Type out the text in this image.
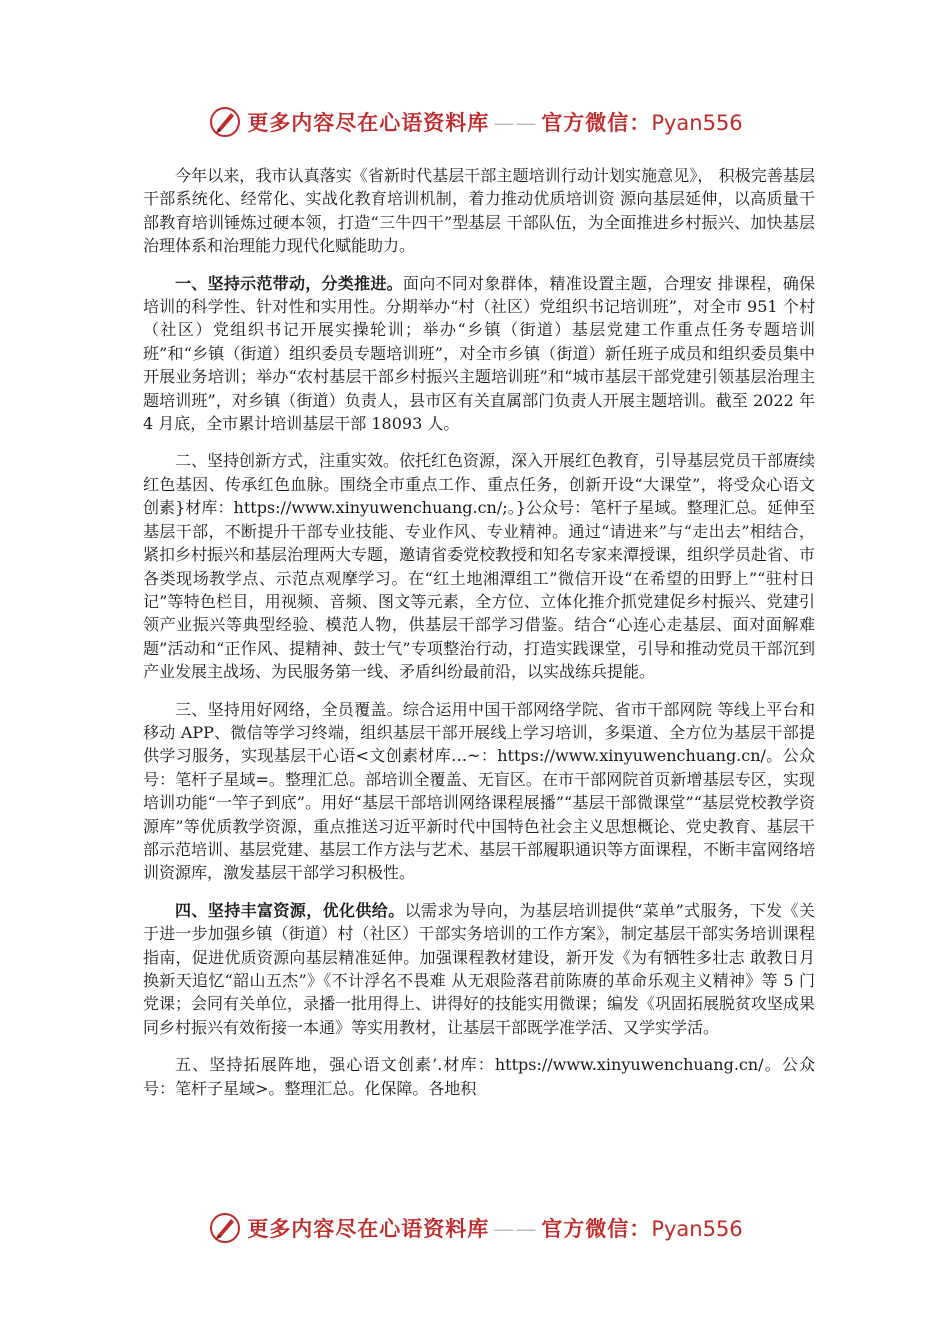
更多内容尽在心语资料库 —— 官方微信：Pyan556

今年以来，我市认真落实《省新时代基层干部主题培训行动计划实施意见》， 积极完善基层干部系统化、经常化、实战化教育培训机制，着力推动优质培训资 源向基层延伸，以高质量干部教育培训锤炼过硬本领，打造“三牛四干”型基层 干部队伍，为全面推进乡村振兴、加快基层治理体系和治理能力现代化赋能助力。

一、坚持示范带动，分类推进。面向不同对象群体，精准设置主题，合理安 排课程，确保培训的科学性、针对性和实用性。分期举办“村（社区）党组织书记培训班”，对全市 951 个村（社区）党组织书记开展实操轮训；举办“乡镇（街道）基层党建工作重点任务专题培训班”和“乡镇（街道）组织委员专题培训班”，对全市乡镇（街道）新任班子成员和组织委员集中开展业务培训；举办“农村基层干部乡村振兴主题培训班”和“城市基层干部党建引领基层治理主题培训班”，对乡镇（街道）负责人，县市区有关直属部门负责人开展主题培训。截至 2022 年 4 月底，全市累计培训基层干部 18093 人。

二、坚持创新方式，注重实效。依托红色资源，深入开展红色教育，引导基层党员干部赓续红色基因、传承红色血脉。围绕全市重点工作、重点任务，创新开设“大课堂”，将受众心语文创素}材库：https://www.xinyuwenchuang.cn/;。}公众号：笔杆子星域。整理汇总。延伸至基层干部，不断提升干部专业技能、专业作风、专业精神。通过“请进来”与“走出去”相结合，紧扣乡村振兴和基层治理两大专题，邀请省委党校教授和知名专家来潭授课，组织学员赴省、市各类现场教学点、示范点观摩学习。在“红土地湘潭组工”微信开设“在希望的田野上”“驻村日记”等特色栏目，用视频、音频、图文等元素，全方位、立体化推介抓党建促乡村振兴、党建引领产业振兴等典型经验、模范人物，供基层干部学习借鉴。结合“心连心走基层、面对面解难题”活动和“正作风、提精神、鼓士气”专项整治行动，打造实践课堂，引导和推动党员干部沉到产业发展主战场、为民服务第一线、矛盾纠纷最前沿，以实战练兵提能。

三、坚持用好网络，全员覆盖。综合运用中国干部网络学院、省市干部网院 等线上平台和移动 APP、微信等学习终端，组织基层干部开展线上学习培训，多渠道、全方位为基层干部提供学习服务，实现基层干心语<文创素材库…~：https://www.xinyuwenchuang.cn/。公众号：笔杆子星域=。整理汇总。部培训全覆盖、无盲区。在市干部网院首页新增基层专区，实现培训功能“一竿子到底”。用好“基层干部培训网络课程展播”“基层干部微课堂”“基层党校教学资源库”等优质教学资源，重点推送习近平新时代中国特色社会主义思想概论、党史教育、基层干部示范培训、基层党建、基层工作方法与艺术、基层干部履职通识等方面课程，不断丰富网络培训资源库，激发基层干部学习积极性。

四、坚持丰富资源，优化供给。以需求为导向，为基层培训提供“菜单”式服务，下发《关于进一步加强乡镇（街道）村（社区）干部实务培训的工作方案》，制定基层干部实务培训课程指南，促进优质资源向基层精准延伸。加强课程教材建设，新开发《为有牺牲多壮志 敢教日月换新天追忆“韶山五杰”》《不计浮名不畏难 从无艰险落君前陈赓的革命乐观主义精神》等 5 门党课；会同有关单位，录播一批用得上、讲得好的技能实用微课；编发《巩固拓展脱贫攻坚成果同乡村振兴有效衔接一本通》等实用教材，让基层干部既学准学活、又学实学活。

五、坚持拓展阵地，强心语文创素’.材库：https://www.xinyuwenchuang.cn/。公众号：笔杆子星域>。整理汇总。化保障。各地积

更多内容尽在心语资料库 —— 官方微信：Pyan556
